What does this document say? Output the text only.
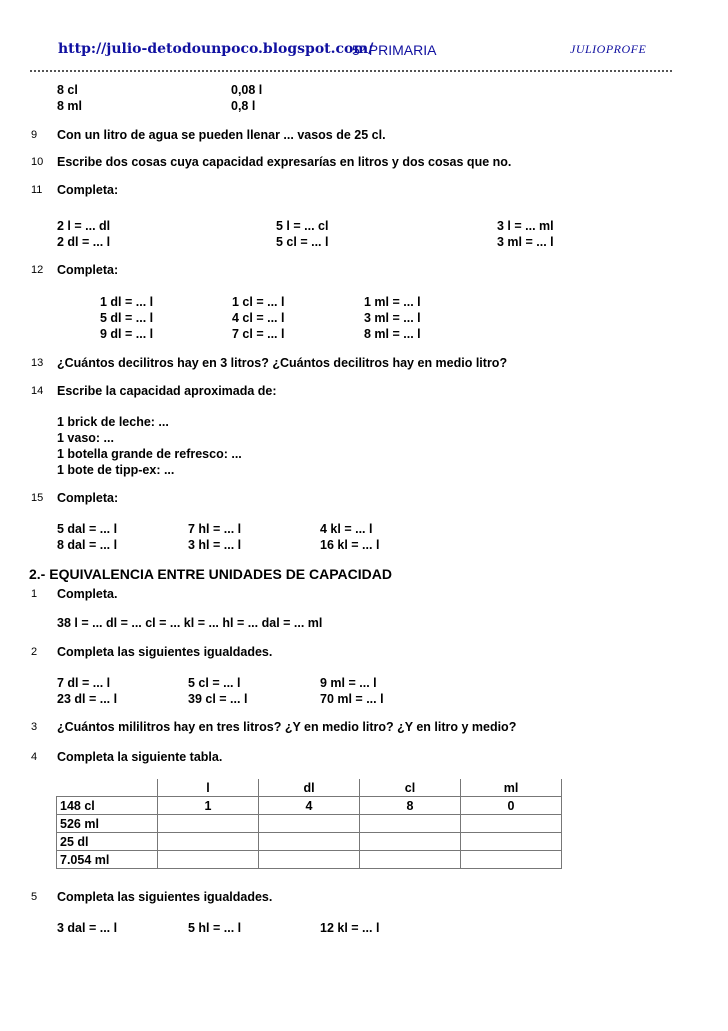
http://julio-detodounpoco.blogspot.com/
5º PRIMARIA	JULIOPROFE
8 cl	0,08 l
8 ml	0,8 l
9 Con un litro de agua se pueden llenar ... vasos de 25 cl.
10 Escribe dos cosas cuya capacidad expresarías en litros y dos cosas que no.
11 Completa:
2 l = ... dl	5 l = ... cl	3 l = ... ml
2 dl = ... l	5 cl = ... l	3 ml = ... l
12 Completa:
1 dl = ... l	1 cl = ... l	1 ml = ... l
5 dl = ... l	4 cl = ... l	3 ml = ... l
9 dl = ... l	7 cl = ... l	8 ml = ... l
13 ¿Cuántos decilitros hay en 3 litros? ¿Cuántos decilitros hay en medio litro?
14 Escribe la capacidad aproximada de:
1 brick de leche: ...
1 vaso: ...
1 botella grande de refresco: ...
1 bote de tipp-ex: ...
15 Completa:
5 dal = ... l	7 hl = ... l	4 kl = ... l
8 dal = ... l	3 hl = ... l	16 kl = ... l
2.- EQUIVALENCIA ENTRE UNIDADES DE CAPACIDAD
1 Completa.
38 l = ... dl = ... cl = ... kl = ... hl = ... dal = ... ml
2 Completa las siguientes igualdades.
7 dl = ... l	5 cl = ... l	9 ml = ... l
23 dl = ... l	39 cl = ... l	70 ml = ... l
3 ¿Cuántos mililitros hay en tres litros? ¿Y en medio litro? ¿Y en litro y medio?
4 Completa la siguiente tabla.
	l	dl	cl	ml
148 cl	1	4	8	0
526 ml				
25 dl				
7.054 ml				
5 Completa las siguientes igualdades.
3 dal = ... l	5 hl = ... l	12 kl = ... l
